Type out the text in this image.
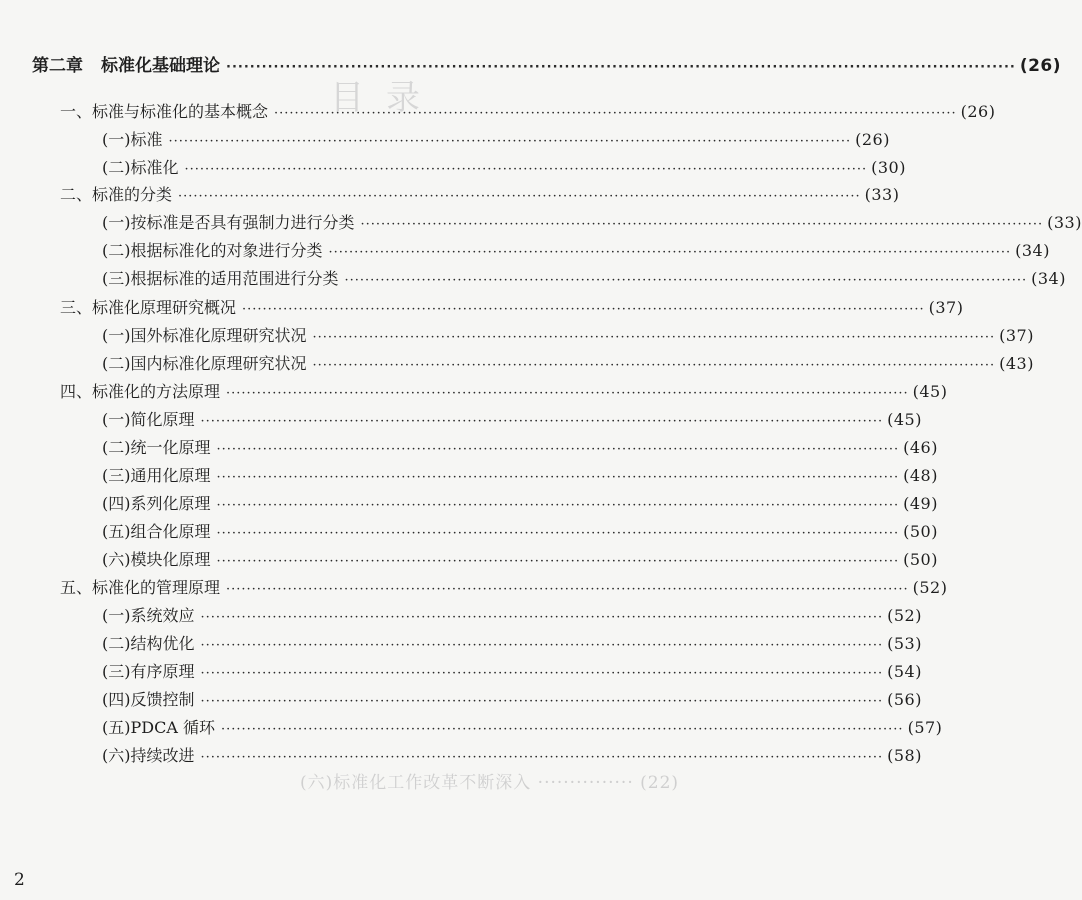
目录
(六)标准化工作改革不断深入 ··············· (22)
第二章 标准化基础理论 ·····	(26)
一、标准与标准化的基本概念 ·····	(26)
(一)标准 ·····	(26)
(二)标准化 ·····	(30)
二、标准的分类 ·····	(33)
(一)按标准是否具有强制力进行分类 ·····	(33)
(二)根据标准化的对象进行分类 ·····	(34)
(三)根据标准的适用范围进行分类 ·····	(34)
三、标准化原理研究概况 ·····	(37)
(一)国外标准化原理研究状况 ·····	(37)
(二)国内标准化原理研究状况 ·····	(43)
四、标准化的方法原理 ·····	(45)
(一)简化原理 ·····	(45)
(二)统一化原理 ·····	(46)
(三)通用化原理 ·····	(48)
(四)系列化原理 ·····	(49)
(五)组合化原理 ·····	(50)
(六)模块化原理 ·····	(50)
五、标准化的管理原理 ·····	(52)
(一)系统效应 ·····	(52)
(二)结构优化 ·····	(53)
(三)有序原理 ·····	(54)
(四)反馈控制 ·····	(56)
(五)PDCA 循环 ·····	(57)
(六)持续改进 ·····	(58)
2
